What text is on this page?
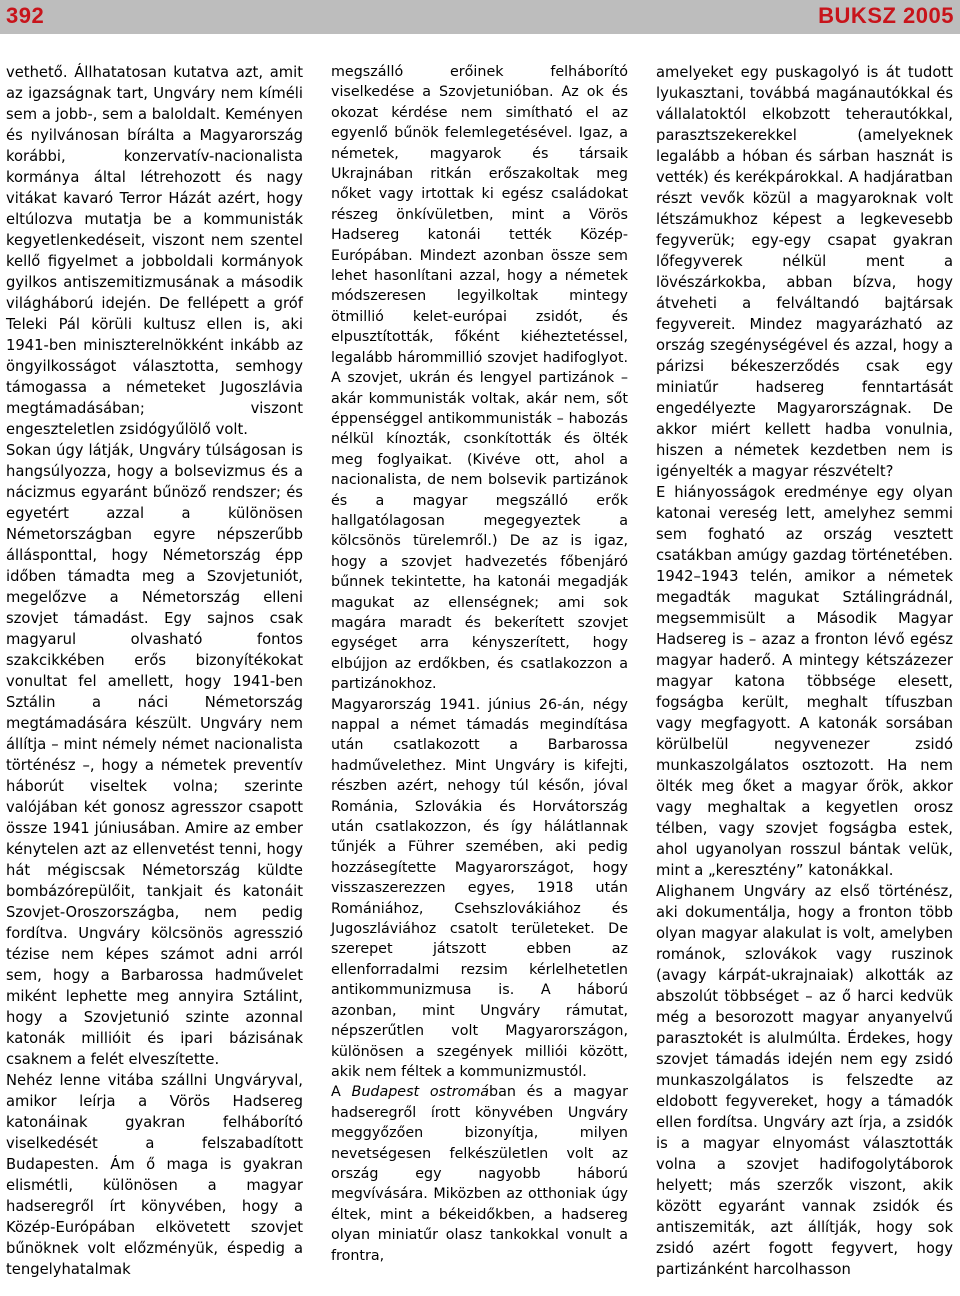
392	BUKSZ 2005

vethető. Állhatatosan kutatva azt, amit az igazságnak tart, Ungváry nem kíméli sem a jobb-, sem a baloldalt. Keményen és nyilvánosan bírálta a Magyarország korábbi, konzervatív-nacionalista kormánya által létrehozott és nagy vitákat kavaró Terror Házát azért, hogy eltúlozva mutatja be a kommunisták kegyetlenkedéseit, viszont nem szentel kellő figyelmet a jobboldali kormányok gyilkos antiszemitizmusának a második világháború idején. De fellépett a gróf Teleki Pál körüli kultusz ellen is, aki 1941-ben miniszterelnökként inkább az öngyilkosságot választotta, semhogy támogassa a németeket Jugoszlávia megtámadásában; viszont engeszteletlen zsidógyűlölő volt.

Sokan úgy látják, Ungváry túlságosan is hangsúlyozza, hogy a bolsevizmus és a nácizmus egyaránt bűnöző rendszer; és egyetért azzal a különösen Németországban egyre népszerűbb állásponttal, hogy Németország épp időben támadta meg a Szovjetuniót, megelőzve a Németország elleni szovjet támadást. Egy sajnos csak magyarul olvasható fontos szakcikkében erős bizonyítékokat vonultat fel amellett, hogy 1941-ben Sztálin a náci Németország megtámadására készült. Ungváry nem állítja – mint némely német nacionalista történész –, hogy a németek preventív háborút viseltek volna; szerinte valójában két gonosz agresszor csapott össze 1941 júniusában. Amire az ember kénytelen azt az ellenvetést tenni, hogy hát mégiscsak Németország küldte bombázórepülőit, tankjait és katonáit Szovjet-Oroszországba, nem pedig fordítva. Ungváry kölcsönös agresszió tézise nem képes számot adni arról sem, hogy a Barbarossa hadművelet miként lephette meg annyira Sztálint, hogy a Szovjetunió szinte azonnal katonák millióit és ipari bázisának csaknem a felét elveszítette.

Nehéz lenne vitába szállni Ungváryval, amikor leírja a Vörös Hadsereg katonáinak gyakran felháborító viselkedését a felszabadított Budapesten. Ám ő maga is gyakran elismétli, különösen a magyar hadseregről írt könyvében, hogy a Közép-Európában elkövetett szovjet bűnöknek volt előzményük, éspedig a tengelyhatalmak

megszálló erőinek felháborító viselkedése a Szovjetunióban. Az ok és okozat kérdése nem simítható el az egyenlő bűnök felemlegetésével. Igaz, a németek, magyarok és társaik Ukrajnában ritkán erőszakoltak meg nőket vagy irtottak ki egész családokat részeg önkívületben, mint a Vörös Hadsereg katonái tették Közép-Európában. Mindezt azonban össze sem lehet hasonlítani azzal, hogy a németek módszeresen legyilkoltak mintegy ötmillió kelet-európai zsidót, és elpusztították, főként kiéheztetéssel, legalább hárommillió szovjet hadifoglyot. A szovjet, ukrán és lengyel partizánok – akár kommunisták voltak, akár nem, sőt éppenséggel antikommunisták – habozás nélkül kínozták, csonkították és ölték meg foglyaikat. (Kivéve ott, ahol a nacionalista, de nem bolsevik partizánok és a magyar megszálló erők hallgatólagosan megegyeztek a kölcsönös türelemről.) De az is igaz, hogy a szovjet hadvezetés főbenjáró bűnnek tekintette, ha katonái megadják magukat az ellenségnek; ami sok magára maradt és bekerített szovjet egységet arra kényszerített, hogy elbújjon az erdőkben, és csatlakozzon a partizánokhoz.

Magyarország 1941. június 26-án, négy nappal a német támadás megindítása után csatlakozott a Barbarossa hadművelethez. Mint Ungváry is kifejti, részben azért, nehogy túl későn, jóval Románia, Szlovákia és Horvátország után csatlakozzon, és így hálátlannak tűnjék a Führer szemében, aki pedig hozzásegítette Magyarországot, hogy visszaszerezzen egyes, 1918 után Romániához, Csehszlovákiához és Jugoszláviához csatolt területeket. De szerepet játszott ebben az ellenforradalmi rezsim kérlelhetetlen antikommunizmusa is. A háború azonban, mint Ungváry rámutat, népszerűtlen volt Magyarországon, különösen a szegények milliói között, akik nem féltek a kommunizmustól.

A Budapest ostromában és a magyar hadseregről írott könyvében Ungváry meggyőzően bizonyítja, milyen nevetségesen felkészületlen volt az ország egy nagyobb háború megvívására. Miközben az otthoniak úgy éltek, mint a békeidőkben, a hadsereg olyan miniatűr olasz tankokkal vonult a frontra,

amelyeket egy puskagolyó is át tudott lyukasztani, továbbá magánautókkal és vállalatoktól elkobzott teherautókkal, parasztszekerekkel (amelyeknek legalább a hóban és sárban hasznát is vették) és kerékpárokkal. A hadjáratban részt vevők közül a magyaroknak volt létszámukhoz képest a legkevesebb fegyverük; egy-egy csapat gyakran lőfegyverek nélkül ment a lövészárkokba, abban bízva, hogy átveheti a felváltandó bajtársak fegyvereit. Mindez magyarázható az ország szegénységével és azzal, hogy a párizsi békeszerződés csak egy miniatűr hadsereg fenntartását engedélyezte Magyarországnak. De akkor miért kellett hadba vonulnia, hiszen a németek kezdetben nem is igényelték a magyar részvételt?

E hiányosságok eredménye egy olyan katonai vereség lett, amelyhez semmi sem fogható az ország vesztett csatákban amúgy gazdag történetében. 1942–1943 telén, amikor a németek megadták magukat Sztálingrádnál, megsemmisült a Második Magyar Hadsereg is – azaz a fronton lévő egész magyar haderő. A mintegy kétszázezer magyar katona többsége elesett, fogságba került, meghalt tífuszban vagy megfagyott. A katonák sorsában körülbelül negyvenezer zsidó munkaszolgálatos osztozott. Ha nem ölték meg őket a magyar őrök, akkor vagy meghaltak a kegyetlen orosz télben, vagy szovjet fogságba estek, ahol ugyanolyan rosszul bántak velük, mint a „keresztény” katonákkal.

Alighanem Ungváry az első történész, aki dokumentálja, hogy a fronton több olyan magyar alakulat is volt, amelyben románok, szlovákok vagy ruszinok (avagy kárpát-ukrajnaiak) alkották az abszolút többséget – az ő harci kedvük még a besorozott magyar anyanyelvű parasztokét is alulmúlta. Érdekes, hogy szovjet támadás idején nem egy zsidó munkaszolgálatos is felszedte az eldobott fegyvereket, hogy a támadók ellen fordítsa. Ungváry azt írja, a zsidók is a magyar elnyomást választották volna a szovjet hadifogolytáborok helyett; más szerzők viszont, akik között egyaránt vannak zsidók és antiszemiták, azt állítják, hogy sok zsidó azért fogott fegyvert, hogy partizánként harcolhasson
